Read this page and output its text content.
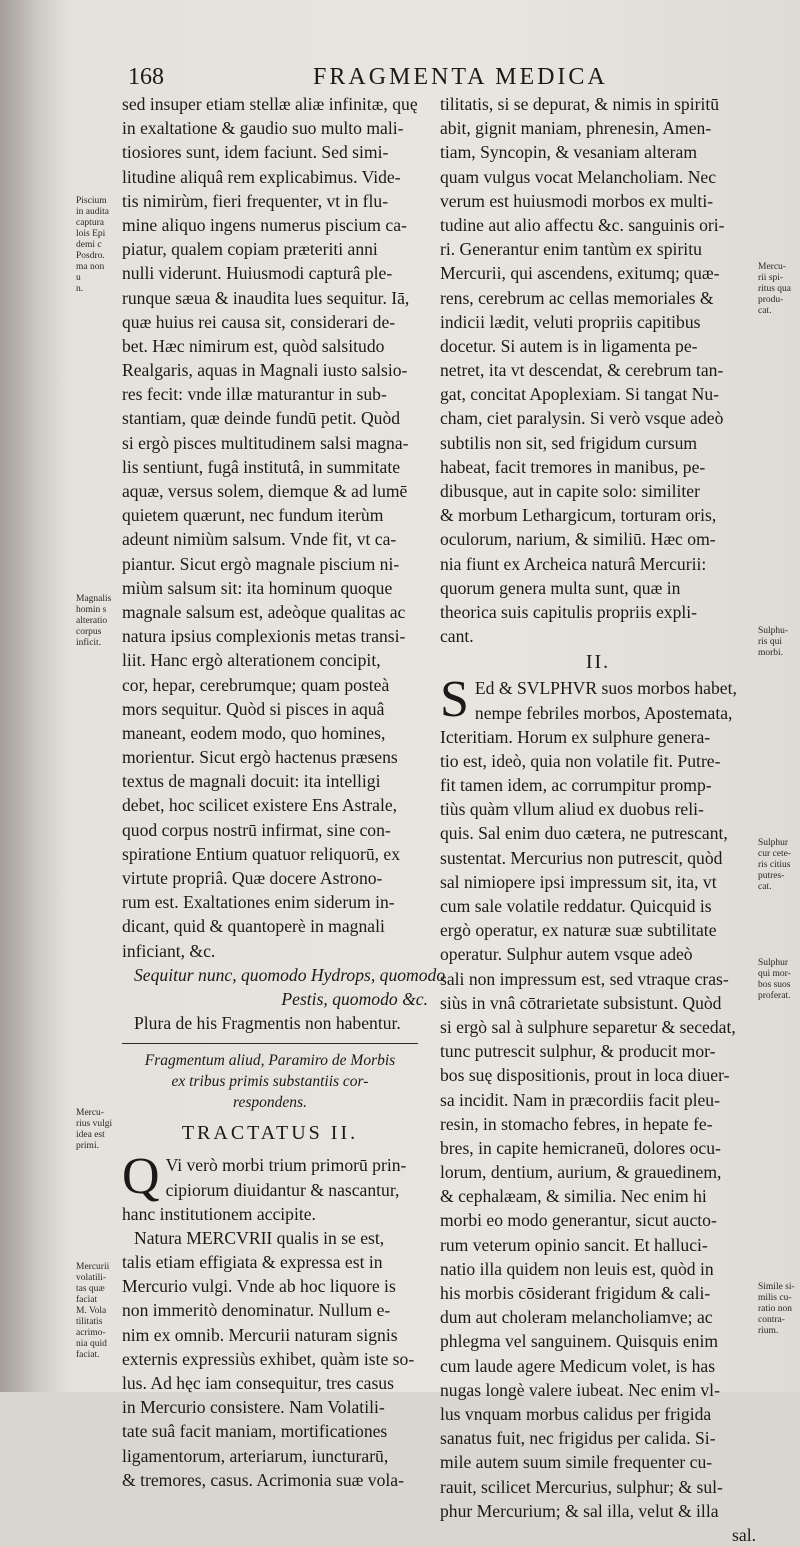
168	FRAGMENTA MEDICA
sed insuper etiam stellæ aliæ infinitæ, quę
in exaltatione & gaudio suo multo mali-
tiosiores sunt, idem faciunt. Sed simi-
litudine aliquâ rem explicabimus. Vide-
tis nimirùm, fieri frequenter, vt in flu-
mine aliquo ingens numerus piscium ca-
piatur, qualem copiam præteriti anni
nulli viderunt. Huiusmodi capturâ ple-
runque sæua & inaudita lues sequitur. Iā,
quæ huius rei causa sit, considerari de-
bet. Hæc nimirum est, quòd salsitudo
Realgaris, aquas in Magnali iusto salsio-
res fecit: vnde illæ maturantur in sub-
stantiam, quæ deinde fundū petit. Quòd
si ergò pisces multitudinem salsi magna-
lis sentiunt, fugâ institutâ, in summitate
aquæ, versus solem, diemque & ad lumē
quietem quærunt, nec fundum iterùm
adeunt nimiùm salsum. Vnde fit, vt ca-
piantur. Sicut ergò magnale piscium ni-
miùm salsum sit: ita hominum quoque
magnale salsum est, adeòque qualitas ac
natura ipsius complexionis metas transi-
liit. Hanc ergò alterationem concipit,
cor, hepar, cerebrumque; quam posteà
mors sequitur. Quòd si pisces in aquâ
maneant, eodem modo, quo homines,
morientur. Sicut ergò hactenus præsens
textus de magnali docuit: ita intelligi
debet, hoc scilicet existere Ens Astrale,
quod corpus nostrū infirmat, sine con-
spiratione Entium quatuor reliquorū, ex
virtute propriâ. Quæ docere Astrono-
rum est. Exaltationes enim siderum in-
dicant, quid & quantoperè in magnali
inficiant, &c.
Sequitur nunc, quomodo Hydrops, quomodo
Pestis, quomodo &c.
Plura de his Fragmentis non habentur.
Fragmentum aliud, Paramiro de Morbis
ex tribus primis substantiis cor-
respondens.
TRACTATUS II.
Q Vi verò morbi trium primorū prin-
cipiorum diuidantur & nascantur,
hanc institutionem accipite.
Natura MERCVRII qualis in se est,
talis etiam effigiata & expressa est in
Mercurio vulgi. Vnde ab hoc liquore is
non immeritò denominatur. Nullum e-
nim ex omnib. Mercurii naturam signis
externis expressiùs exhibet, quàm iste so-
lus. Ad hęc iam consequitur, tres casus
in Mercurio consistere. Nam Volatili-
tate suâ facit maniam, mortificationes
ligamentorum, arteriarum, iuncturarū,
& tremores, casus. Acrimonia suæ vola-
tilitatis, si se depurat, & nimis in spiritū
abit, gignit maniam, phrenesin, Amen-
tiam, Syncopin, & vesaniam alteram
quam vulgus vocat Melancholiam. Nec
verum est huiusmodi morbos ex multi-
tudine aut alio affectu &c. sanguinis ori-
ri. Generantur enim tantùm ex spiritu
Mercurii, qui ascendens, exitumq; quæ-
rens, cerebrum ac cellas memoriales &
indicii lædit, veluti propriis capitibus
docetur. Si autem is in ligamenta pe-
netret, ita vt descendat, & cerebrum tan-
gat, concitat Apoplexiam. Si tangat Nu-
cham, ciet paralysin. Si verò vsque adeò
subtilis non sit, sed frigidum cursum
habeat, facit tremores in manibus, pe-
dibusque, aut in capite solo: similiter
& morbum Lethargicum, torturam oris,
oculorum, narium, & similiū. Hæc om-
nia fiunt ex Archeica naturâ Mercurii:
quorum genera multa sunt, quæ in
theorica suis capitulis propriis expli-
cant.
II.
S Ed & SVLPHVR suos morbos habet,
nempe febriles morbos, Apostemata,
Icteritiam. Horum ex sulphure genera-
tio est, ideò, quia non volatile fit. Putre-
fit tamen idem, ac corrumpitur promp-
tiùs quàm vllum aliud ex duobus reli-
quis. Sal enim duo cætera, ne putrescant,
sustentat. Mercurius non putrescit, quòd
sal nimiopere ipsi impressum sit, ita, vt
cum sale volatile reddatur. Quicquid is
ergò operatur, ex naturæ suæ subtilitate
operatur. Sulphur autem vsque adeò
sali non impressum est, sed vtraque cras-
siùs in vnâ cōtrarietate subsistunt. Quòd
si ergò sal à sulphure separetur & secedat,
tunc putrescit sulphur, & producit mor-
bos suę dispositionis, prout in loca diuer-
sa incidit. Nam in præcordiis facit pleu-
resin, in stomacho febres, in hepate fe-
bres, in capite hemicraneū, dolores ocu-
lorum, dentium, aurium, & grauedinem,
& cephalæam, & similia. Nec enim hi
morbi eo modo generantur, sicut aucto-
rum veterum opinio sancit. Et halluci-
natio illa quidem non leuis est, quòd in
his morbis cōsiderant frigidum & cali-
dum aut choleram melancholiamve; ac
phlegma vel sanguinem. Quisquis enim
cum laude agere Medicum volet, is has
nugas longè valere iubeat. Nec enim vl-
lus vnquam morbus calidus per frigida
sanatus fuit, nec frigidus per calida. Si-
mile autem suum simile frequenter cu-
rauit, scilicet Mercurius, sulphur; & sul-
phur Mercurium; & sal illa, velut & illa
sal.
Piscium
in audita
captura
lois Epi
demi c
Posdro.
ma non
u
n.
Magnalis
homin s
alteratio
corpus
inficit.
Mercu-
rius vulgi
idea est
primi.
Mercurii
volatili-
tas quæ
faciat
M. Vola
tilitatis
acrimo-
nia quid
faciat.
Mercu-
rii spi-
ritus qua
produ-
cat.
Sulphu-
ris qui
morbi.
Sulphur
cur cete-
ris citius
putres-
cat.
Sulphur
qui mor-
bos suos
proferat.
Simile si-
milis cu-
ratio non
contra-
rium.
